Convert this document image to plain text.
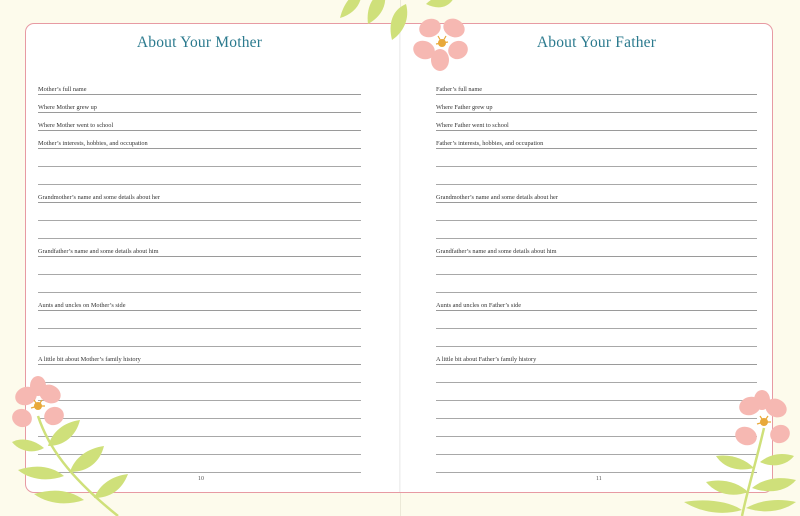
About Your Mother
Mother’s full name
Where Mother grew up
Where Mother went to school
Mother’s interests, hobbies, and occupation
Grandmother’s name and some details about her
Grandfather’s name and some details about him
Aunts and uncles on Mother’s side
A little bit about Mother’s family history
10
About Your Father
Father’s full name
Where Father grew up
Where Father went to school
Father’s interests, hobbies, and occupation
Grandmother’s name and some details about her
Grandfather’s name and some details about him
Aunts and uncles on Father’s side
A little bit about Father’s family history
11
